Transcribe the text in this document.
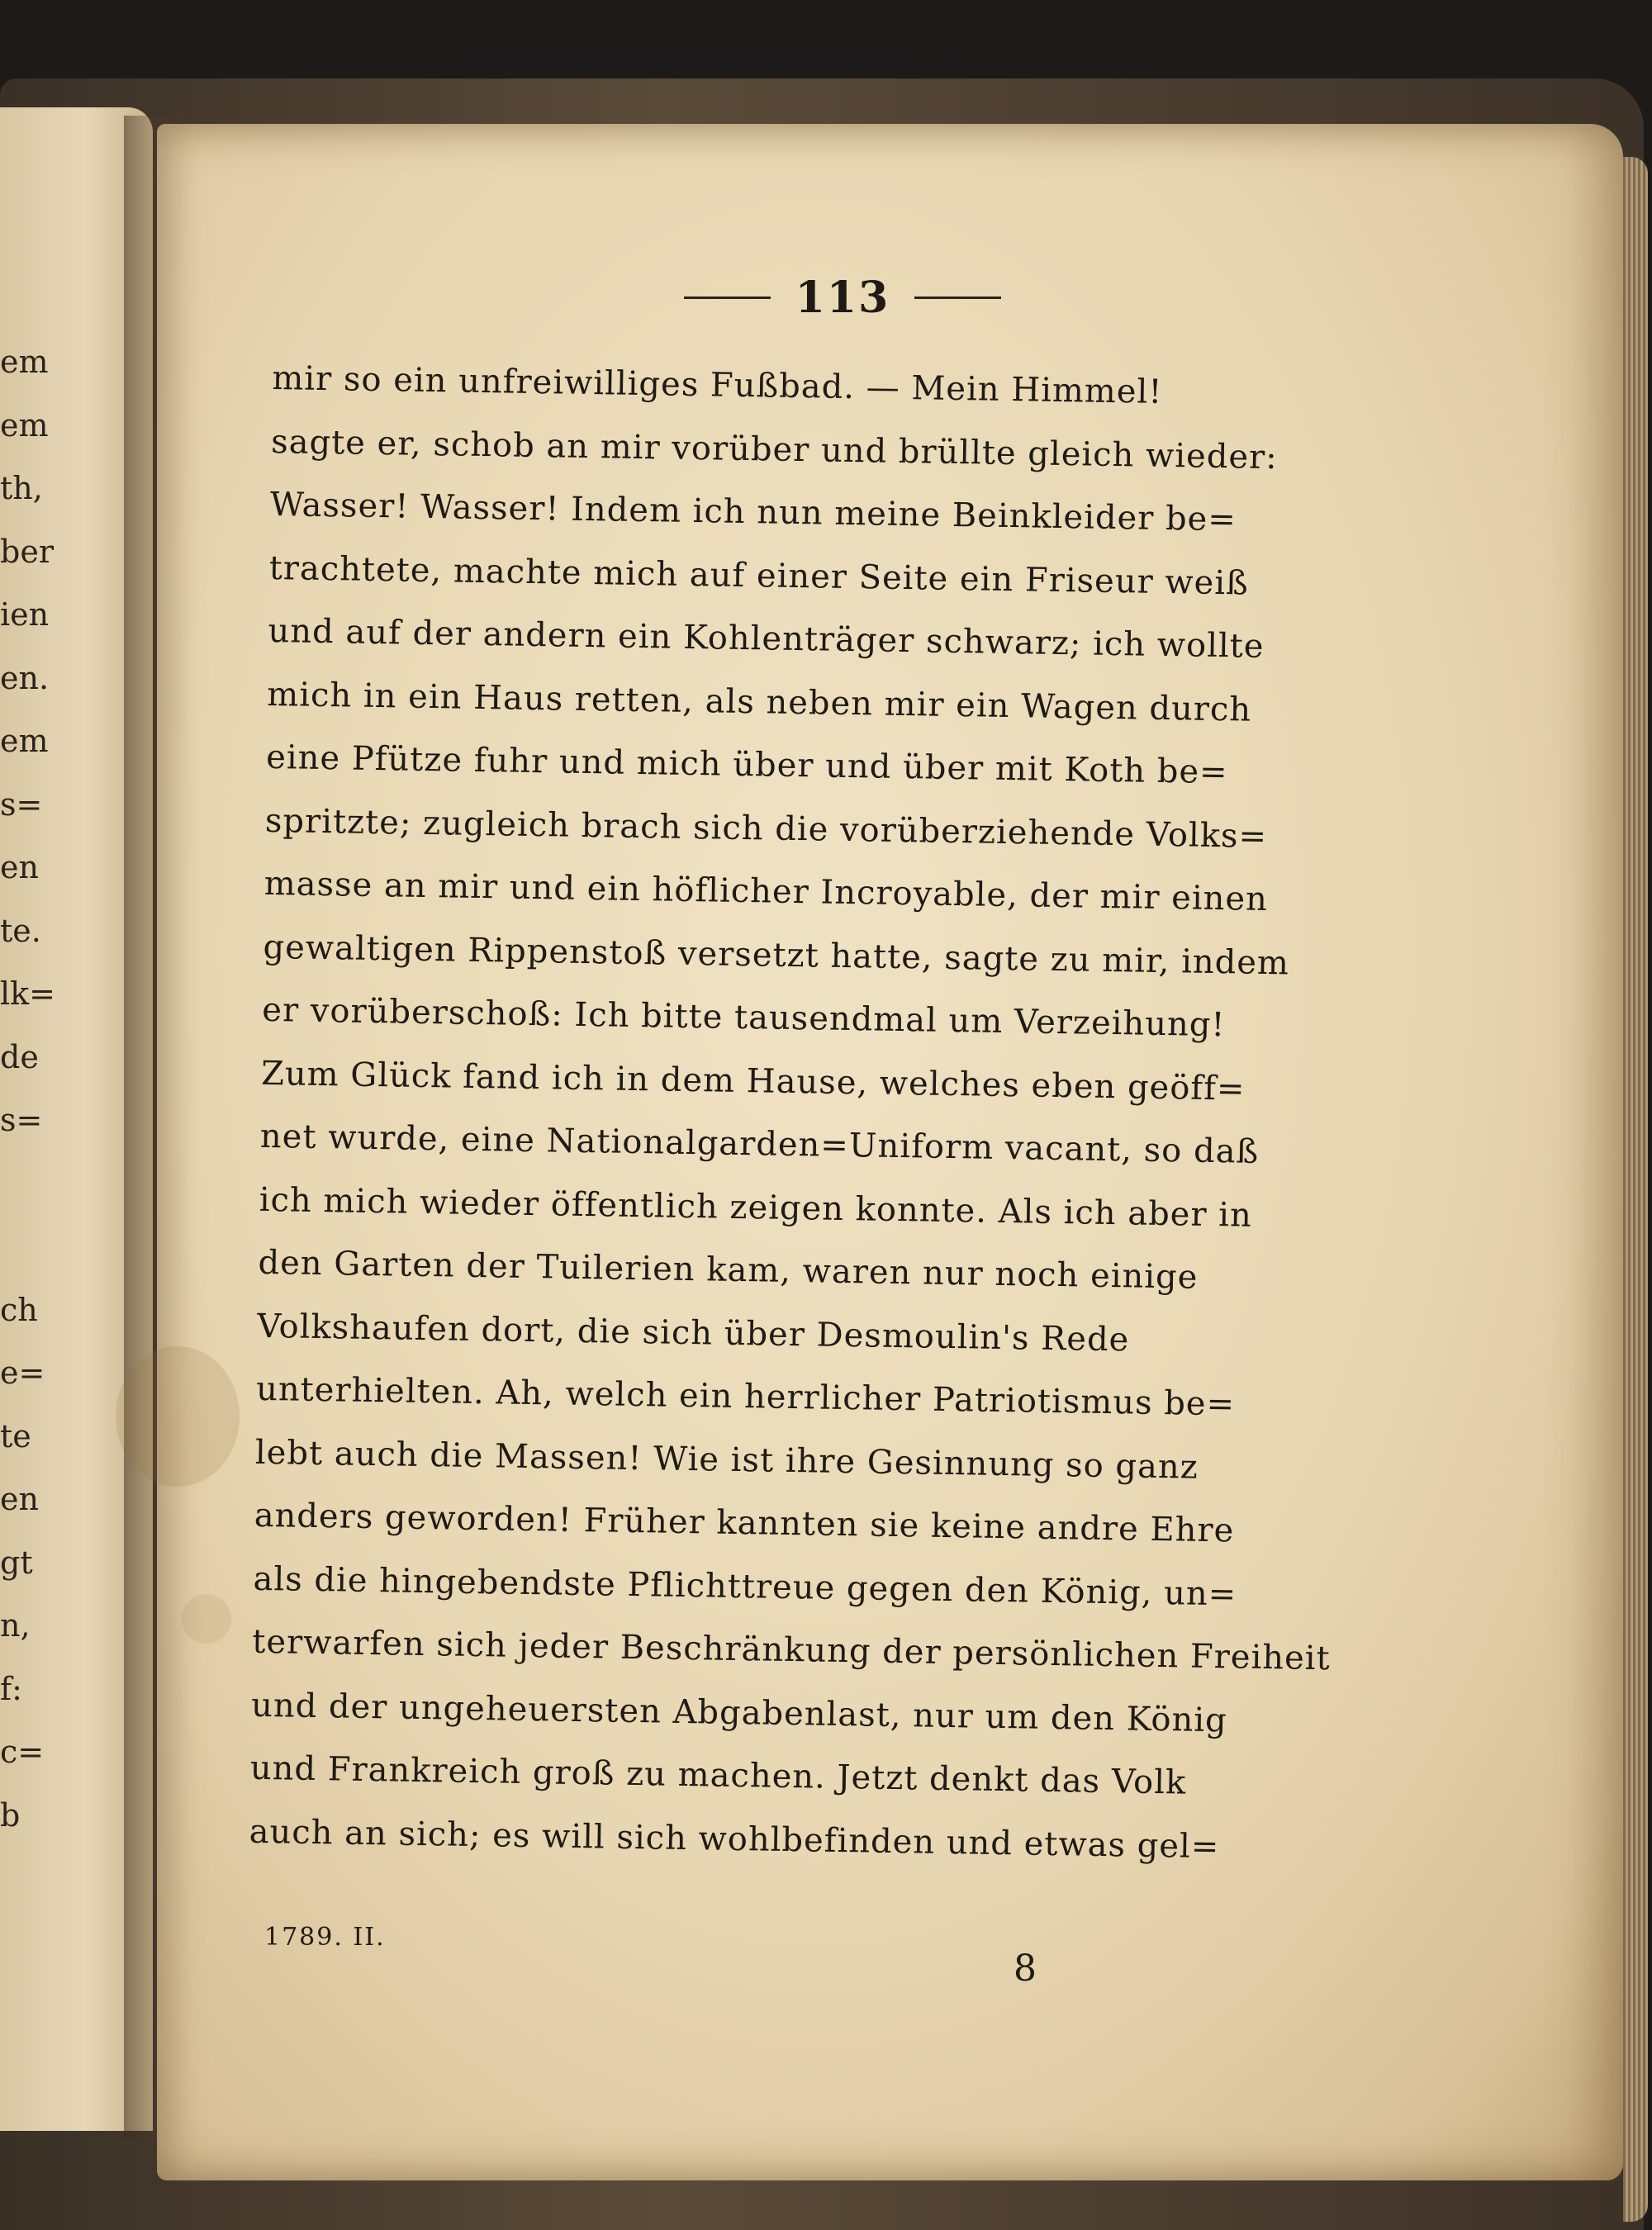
em
em
th,
ber
ien
en.
em
s=
en
te.
lk=
de
s=
ch
e=
te
en
gt
n,
f:
c=
b
113
mir so ein unfreiwilliges Fußbad. — Mein Himmel!
sagte er, schob an mir vorüber und brüllte gleich wieder:
Wasser! Wasser! Indem ich nun meine Beinkleider be=
trachtete, machte mich auf einer Seite ein Friseur weiß
und auf der andern ein Kohlenträger schwarz; ich wollte
mich in ein Haus retten, als neben mir ein Wagen durch
eine Pfütze fuhr und mich über und über mit Koth be=
spritzte; zugleich brach sich die vorüberziehende Volks=
masse an mir und ein höflicher Incroyable, der mir einen
gewaltigen Rippenstoß versetzt hatte, sagte zu mir, indem
er vorüberschoß: Ich bitte tausendmal um Verzeihung!
Zum Glück fand ich in dem Hause, welches eben geöff=
net wurde, eine Nationalgarden=Uniform vacant, so daß
ich mich wieder öffentlich zeigen konnte. Als ich aber in
den Garten der Tuilerien kam, waren nur noch einige
Volkshaufen dort, die sich über Desmoulin's Rede
unterhielten. Ah, welch ein herrlicher Patriotismus be=
lebt auch die Massen! Wie ist ihre Gesinnung so ganz
anders geworden! Früher kannten sie keine andre Ehre
als die hingebendste Pflichttreue gegen den König, un=
terwarfen sich jeder Beschränkung der persönlichen Freiheit
und der ungeheuersten Abgabenlast, nur um den König
und Frankreich groß zu machen. Jetzt denkt das Volk
auch an sich; es will sich wohlbefinden und etwas gel=
1789. II.
8
